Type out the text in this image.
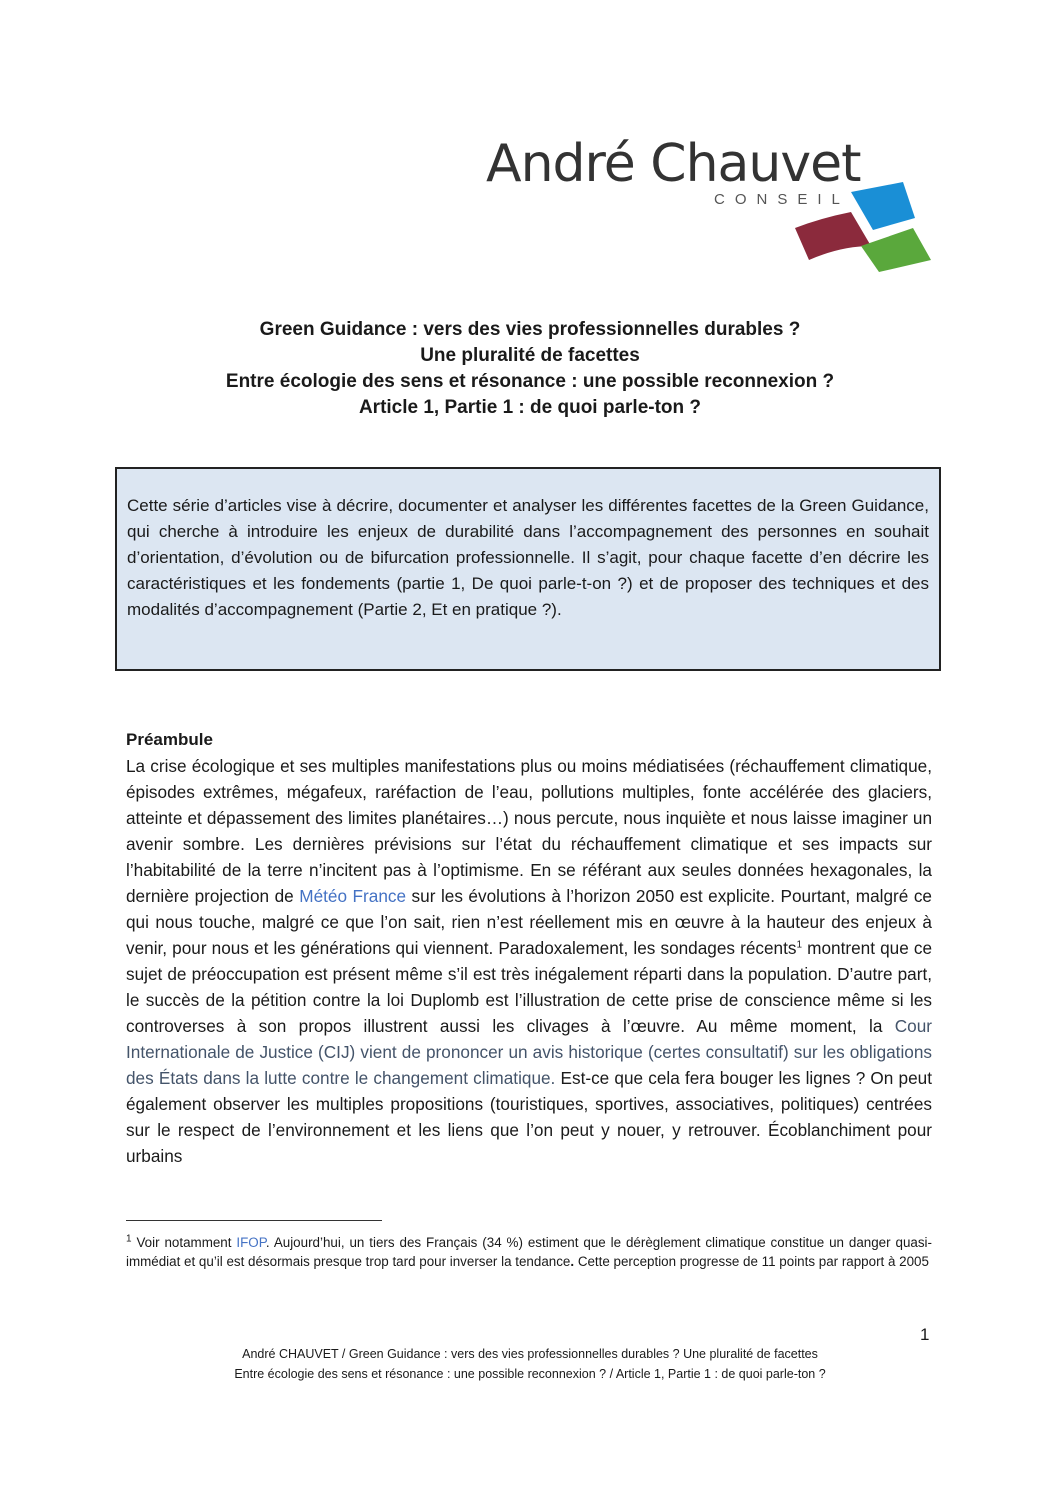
André Chauvet
CONSEIL
Green Guidance : vers des vies professionnelles durables ?
Une pluralité de facettes
Entre écologie des sens et résonance : une possible reconnexion ?
Article 1, Partie 1 : de quoi parle-ton ?

Cette série d’articles vise à décrire, documenter et analyser les différentes facettes de la Green Guidance, qui cherche à introduire les enjeux de durabilité dans l’accompagnement des personnes en souhait d’orientation, d’évolution ou de bifurcation professionnelle. Il s’agit, pour chaque facette d’en décrire les caractéristiques et les fondements (partie 1, De quoi parle-t-on ?) et de proposer des techniques et des modalités d’accompagnement (Partie 2, Et en pratique ?).

Préambule

La crise écologique et ses multiples manifestations plus ou moins médiatisées (réchauffement climatique, épisodes extrêmes, mégafeux, raréfaction de l’eau, pollutions multiples, fonte accélérée des glaciers, atteinte et dépassement des limites planétaires…) nous percute, nous inquiète et nous laisse imaginer un avenir sombre. Les dernières prévisions sur l’état du réchauffement climatique et ses impacts sur l’habitabilité de la terre n’incitent pas à l’optimisme. En se référant aux seules données hexagonales, la dernière projection de Météo France sur les évolutions à l’horizon 2050 est explicite. Pourtant, malgré ce qui nous touche, malgré ce que l’on sait, rien n’est réellement mis en œuvre à la hauteur des enjeux à venir, pour nous et les générations qui viennent. Paradoxalement, les sondages récents$^1$ montrent que ce sujet de préoccupation est présent même s’il est très inégalement réparti dans la population. D’autre part, le succès de la pétition contre la loi Duplomb est l’illustration de cette prise de conscience même si les controverses à son propos illustrent aussi les clivages à l’œuvre. Au même moment, la Cour Internationale de Justice (CIJ) vient de prononcer un avis historique (certes consultatif) sur les obligations des États dans la lutte contre le changement climatique. Est-ce que cela fera bouger les lignes ? On peut également observer les multiples propositions (touristiques, sportives, associatives, politiques) centrées sur le respect de l’environnement et les liens que l’on peut y nouer, y retrouver. Écoblanchiment pour urbains

$^1$ Voir notamment IFOP. Aujourd’hui, un tiers des Français (34 %) estiment que le dérèglement climatique constitue un danger quasi-immédiat et qu’il est désormais presque trop tard pour inverser la tendance. Cette perception progresse de 11 points par rapport à 2005
1
André CHAUVET / Green Guidance : vers des vies professionnelles durables ? Une pluralité de facettes
Entre écologie des sens et résonance : une possible reconnexion ? / Article 1, Partie 1 : de quoi parle-ton ?
